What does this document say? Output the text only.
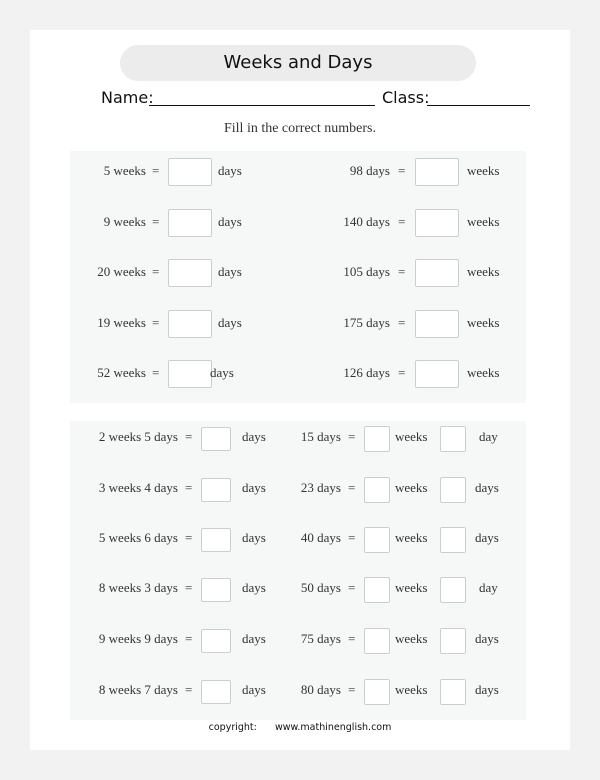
Weeks and Days
Name:	Class:
Fill in the correct numbers.
5 weeks =	days
9 weeks =	days
20 weeks =	days
19 weeks =	days
52 weeks =	days
98 days =	weeks
140 days =	weeks
105 days =	weeks
175 days =	weeks
126 days =	weeks
2 weeks 5 days =	days
3 weeks 4 days =	days
5 weeks 6 days =	days
8 weeks 3 days =	days
9 weeks 9 days =	days
8 weeks 7 days =	days
15 days =	weeks	day
23 days =	weeks	days
40 days =	weeks	days
50 days =	weeks	day
75 days =	weeks	days
80 days =	weeks	days
copyright: www.mathinenglish.com
